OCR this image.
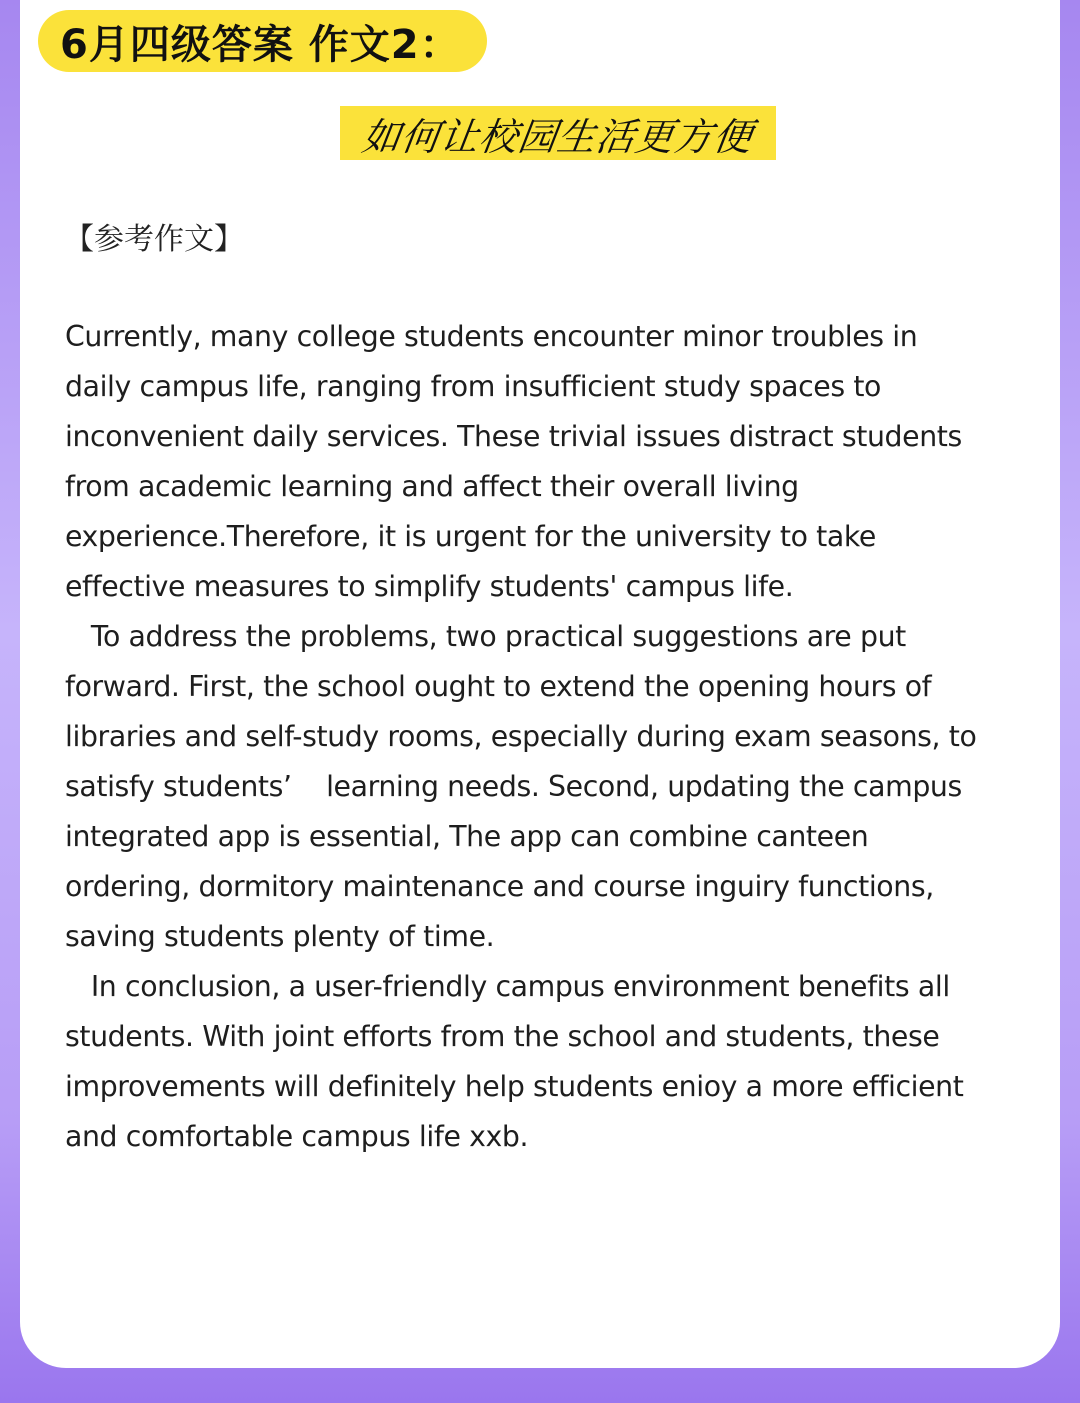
6月四级答案 作文2：
如何让校园生活更方便
【参考作文】
Currently, many college students encounter minor troubles in
daily campus life, ranging from insufficient study spaces to
inconvenient daily services. These trivial issues distract students
from academic learning and affect their overall living
experience.Therefore, it is urgent for the university to take
effective measures to simplify students' campus life.
To address the problems, two practical suggestions are put
forward. First, the school ought to extend the opening hours of
libraries and self-study rooms, especially during exam seasons, to
satisfy students’    learning needs. Second, updating the campus
integrated app is essential, The app can combine canteen
ordering, dormitory maintenance and course inguiry functions,
saving students plenty of time.
In conclusion, a user-friendly campus environment benefits all
students. With joint efforts from the school and students, these
improvements will definitely help students enioy a more efficient
and comfortable campus life xxb.
